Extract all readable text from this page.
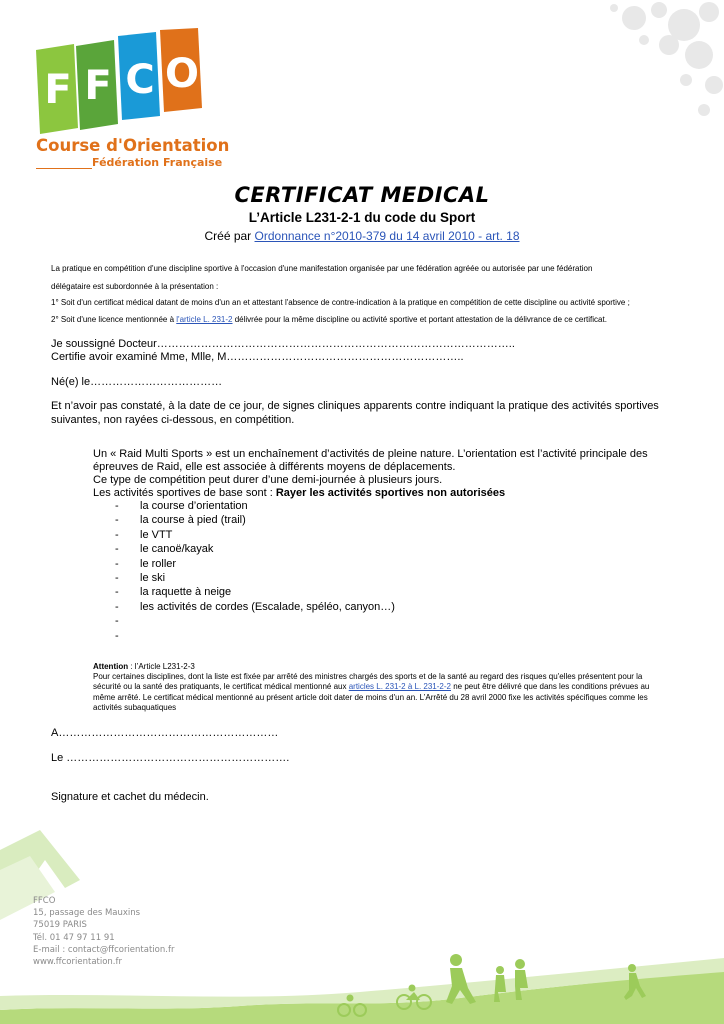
F F C O
Course d'Orientation
Fédération Française
CERTIFICAT MEDICAL
L’Article L231-2-1 du code du Sport
Créé par Ordonnance n°2010-379 du 14 avril 2010 - art. 18
La pratique en compétition d'une discipline sportive à l'occasion d'une manifestation organisée par une fédération agréée ou autorisée par une fédération
délégataire est subordonnée à la présentation :
1° Soit d'un certificat médical datant de moins d'un an et attestant l'absence de contre-indication à la pratique en compétition de cette discipline ou activité sportive ;
2° Soit d'une licence mentionnée à l'article L. 231-2 délivrée pour la même discipline ou activité sportive et portant attestation de la délivrance de ce certificat.
Je soussigné Docteur……………………………………………………………………………………..
Certifie avoir examiné Mme, Mlle, M………………………………………………………..
Né(e) le………………………………
Et n’avoir pas constaté, à la date de ce jour, de signes cliniques apparents contre indiquant la pratique des activités sportives suivantes, non rayées ci-dessous, en compétition.
Un « Raid Multi Sports » est un enchaînement d’activités de pleine nature. L’orientation est l’activité principale des épreuves de Raid, elle est associée à différents moyens de déplacements.
Ce type de compétition peut durer d’une demi-journée à plusieurs jours.
Les activités sportives de base sont : Rayer les activités sportives non autorisées
- la course d’orientation
- la course à pied (trail)
- le VTT
- le canoë/kayak
- le roller
- le ski
- la raquette à neige
- les activités de cordes (Escalade, spéléo, canyon…)
-
-
Attention : l’Article L231-2-3
Pour certaines disciplines, dont la liste est fixée par arrêté des ministres chargés des sports et de la santé au regard des risques qu'elles présentent pour la sécurité ou la santé des pratiquants, le certificat médical mentionné aux articles L. 231-2 à L. 231-2-2 ne peut être délivré que dans les conditions prévues au même arrêté. Le certificat médical mentionné au présent article doit dater de moins d'un an. L’Arrêté du 28 avril 2000 fixe les activités spécifiques comme les activités subaquatiques
A……………………………………………………
Le …………………………………………………….
Signature et cachet du médecin.
FFCO
15, passage des Mauxins
75019 PARIS
Tél. 01 47 97 11 91
E-mail : contact@ffcorientation.fr
www.ffcorientation.fr
